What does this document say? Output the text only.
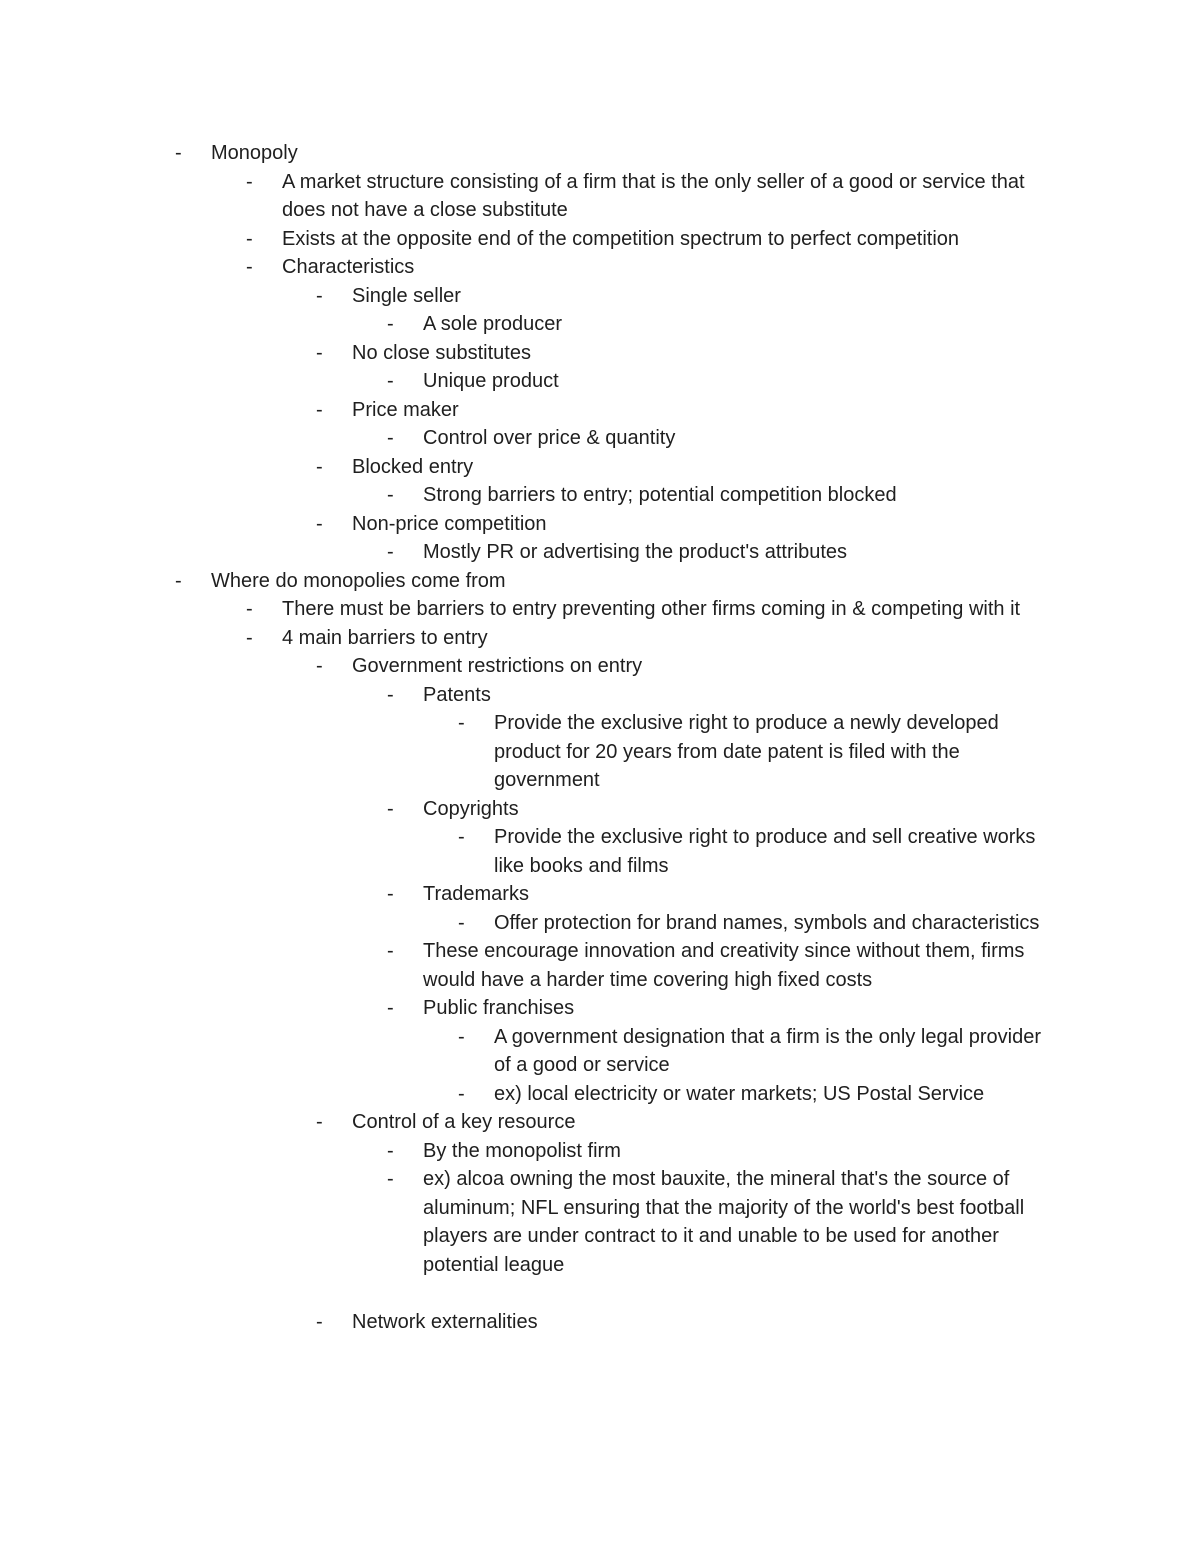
-	Monopoly
-	A market structure consisting of a firm that is the only seller of a good or service that does not have a close substitute
-	Exists at the opposite end of the competition spectrum to perfect competition
-	Characteristics
-	Single seller
-	A sole producer
-	No close substitutes
-	Unique product
-	Price maker
-	Control over price & quantity
-	Blocked entry
-	Strong barriers to entry; potential competition blocked
-	Non-price competition
-	Mostly PR or advertising the product's attributes
-	Where do monopolies come from
-	There must be barriers to entry preventing other firms coming in & competing with it
-	4 main barriers to entry
-	Government restrictions on entry
-	Patents
-	Provide the exclusive right to produce a newly developed product for 20 years from date patent is filed with the government
-	Copyrights
-	Provide the exclusive right to produce and sell creative works like books and films
-	Trademarks
-	Offer protection for brand names, symbols and characteristics
-	These encourage innovation and creativity since without them, firms would have a harder time covering high fixed costs
-	Public franchises
-	A government designation that a firm is the only legal provider of a good or service
-	ex) local electricity or water markets; US Postal Service
-	Control of a key resource
-	By the monopolist firm
-	ex) alcoa owning the most bauxite, the mineral that's the source of aluminum; NFL ensuring that the majority of the world's best football players are under contract to it and unable to be used for another potential league
-	Network externalities
